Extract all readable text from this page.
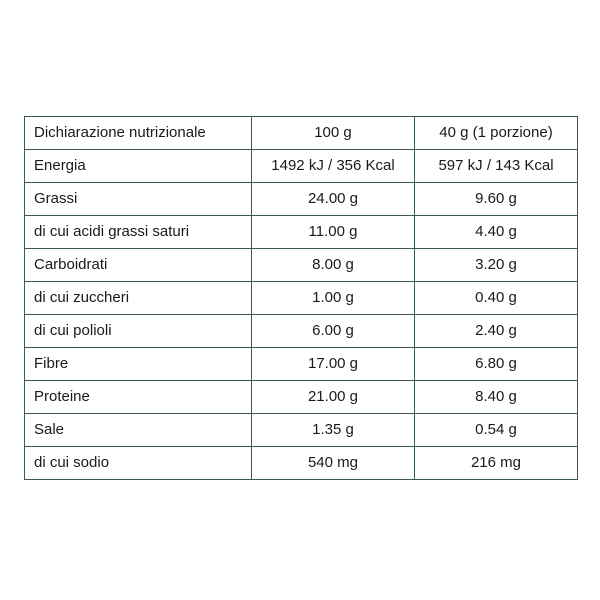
Dichiarazione nutrizionale	100 g	40 g (1 porzione)
Energia	1492 kJ / 356 Kcal	597 kJ / 143 Kcal
Grassi	24.00 g	9.60 g
di cui acidi grassi saturi	11.00 g	4.40 g
Carboidrati	8.00 g	3.20 g
di cui zuccheri	1.00 g	0.40 g
di cui polioli	6.00 g	2.40 g
Fibre	17.00 g	6.80 g
Proteine	21.00 g	8.40 g
Sale	1.35 g	0.54 g
di cui sodio	540 mg	216 mg
